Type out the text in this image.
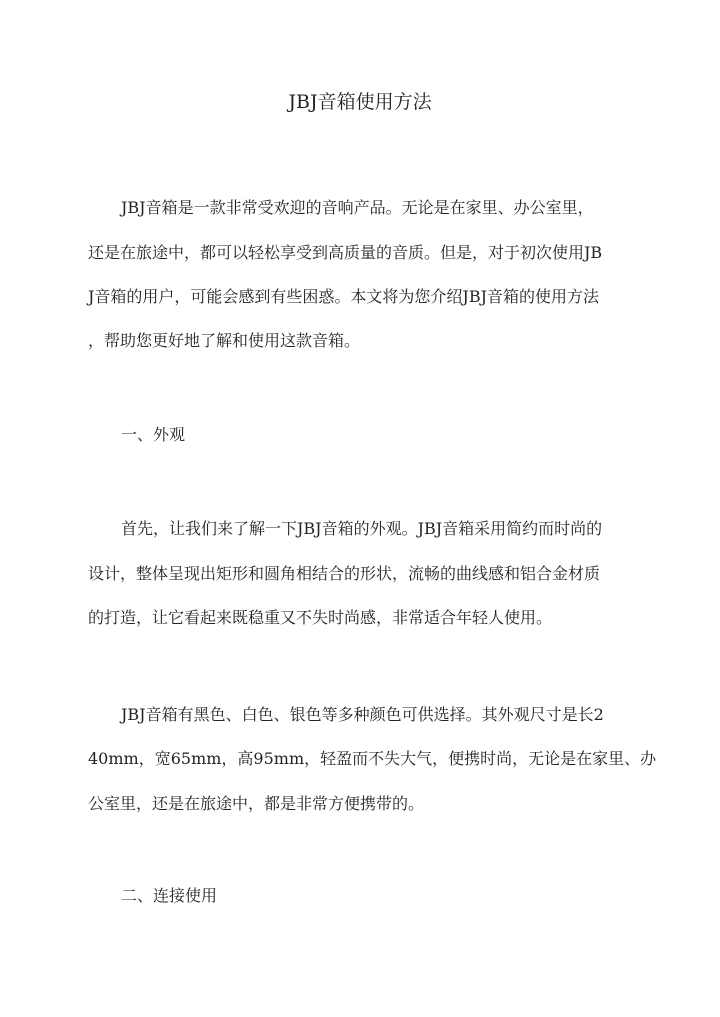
JBJ音箱使用方法
JBJ音箱是一款非常受欢迎的音响产品。无论是在家里、办公室里，
还是在旅途中，都可以轻松享受到高质量的音质。但是，对于初次使用JB
J音箱的用户，可能会感到有些困惑。本文将为您介绍JBJ音箱的使用方法
，帮助您更好地了解和使用这款音箱。
一、外观
首先，让我们来了解一下JBJ音箱的外观。JBJ音箱采用简约而时尚的
设计，整体呈现出矩形和圆角相结合的形状，流畅的曲线感和铝合金材质
的打造，让它看起来既稳重又不失时尚感，非常适合年轻人使用。
JBJ音箱有黑色、白色、银色等多种颜色可供选择。其外观尺寸是长2
40mm，宽65mm，高95mm，轻盈而不失大气，便携时尚，无论是在家里、办
公室里，还是在旅途中，都是非常方便携带的。
二、连接使用
